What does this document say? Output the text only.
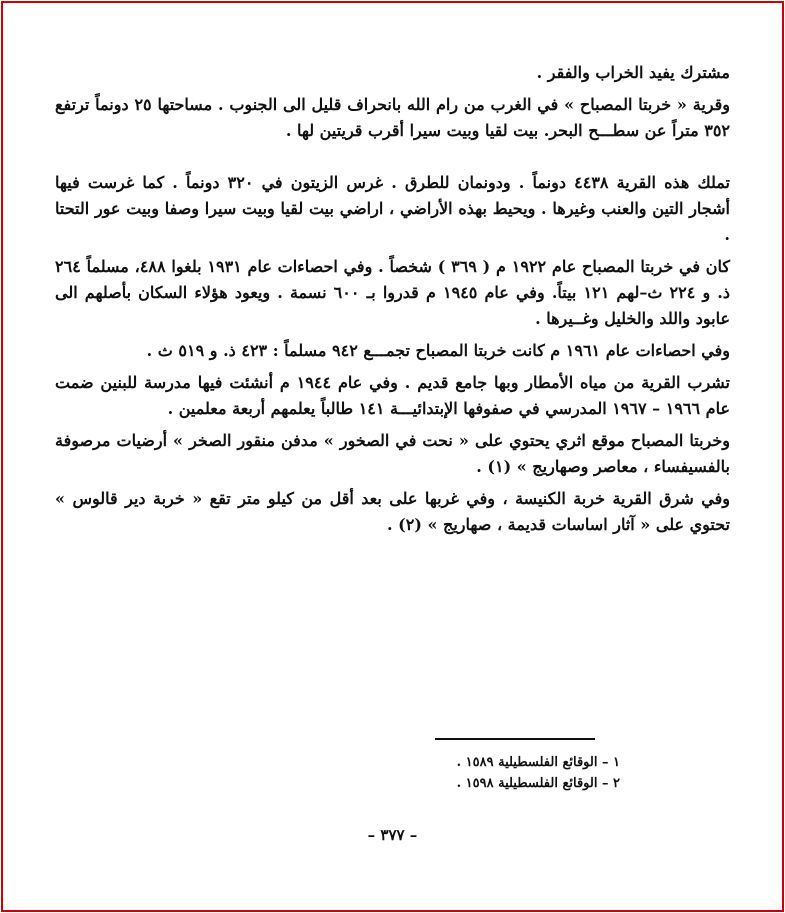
مشترك يفيد الخراب والفقر .

وقرية « خربتا المصباح » في الغرب من رام الله بانحراف قليل الى الجنوب . مساحتها ٢٥ دونماً ترتفع ٣٥٢ متراً عن سطـــح البحر. بيت لقيا وبيت سيرا أقرب قريتين لها .

تملك هذه القرية ٤٤٣٨ دونماً . ودونمان للطرق . غرس الزيتون في ٣٢٠ دونماً . كما غرست فيها أشجار التين والعنب وغيرها . ويحيط بهذه الأراضي ، اراضي بيت لقيا وبيت سيرا وصفا وبيت عور التحتا .

كان في خربتا المصباح عام ١٩٢٢ م ( ٣٦٩ ) شخصاً . وفي احصاءات عام ١٩٣١ بلغوا ٤٨٨، مسلماً ٢٦٤ ذ. و ٢٢٤ ث–لهم ١٢١ بيتاً. وفي عام ١٩٤٥ م قدروا بـ ٦٠٠ نسمة . ويعود هؤلاء السكان بأصلهم الى عابود واللد والخليل وغــيرها .

وفي احصاءات عام ١٩٦١ م كانت خربتا المصباح تجمـــع ٩٤٢ مسلماً : ٤٢٣ ذ. و ٥١٩ ث .

تشرب القرية من مياه الأمطار وبها جامع قديم . وفي عام ١٩٤٤ م أنشئت فيها مدرسة للبنين ضمت عام ١٩٦٦ – ١٩٦٧ المدرسي في صفوفها الإبتدائيـــة ١٤١ طالباً يعلمهم أربعة معلمين .

وخربتا المصباح موقع اثري يحتوي على « نحت في الصخور » مدفن منقور الصخر » أرضيات مرصوفة بالفسيفساء ، معاصر وصهاريج » (١) .

وفي شرق القرية خربة الكنيسة ، وفي غربها على بعد أقل من كيلو متر تقع « خربة دير قالوس » تحتوي على « آثار اساسات قديمة ، صهاريج » (٢) .

١ – الوقائع الفلسطيلية ١٥٨٩ .
٢ – الوقائع الفلسطيلية ١٥٩٨ .
– ٣٧٧ –
